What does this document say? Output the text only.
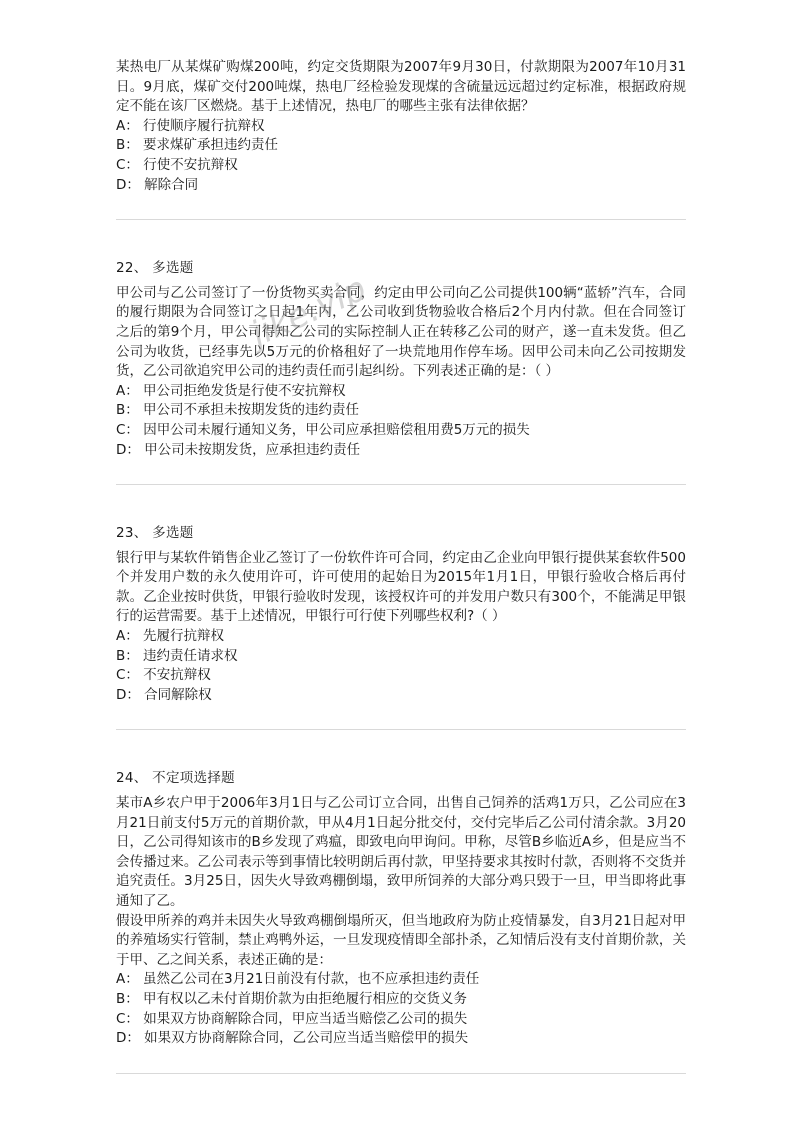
某热电厂从某煤矿购煤200吨，约定交货期限为2007年9月30日，付款期限为2007年10月31日。9月底，煤矿交付200吨煤，热电厂经检验发现煤的含硫量远远超过约定标准，根据政府规定不能在该厂区燃烧。基于上述情况，热电厂的哪些主张有法律依据？

A： 行使顺序履行抗辩权
B： 要求煤矿承担违约责任
C： 行使不安抗辩权
D： 解除合同

22、 多选题

甲公司与乙公司签订了一份货物买卖合同，约定由甲公司向乙公司提供100辆“蓝轿”汽车，合同的履行期限为合同签订之日起1年内，乙公司收到货物验收合格后2个月内付款。但在合同签订之后的第9个月，甲公司得知乙公司的实际控制人正在转移乙公司的财产，遂一直未发货。但乙公司为收货，已经事先以5万元的价格租好了一块荒地用作停车场。因甲公司未向乙公司按期发货，乙公司欲追究甲公司的违约责任而引起纠纷。下列表述正确的是：（ ）

A： 甲公司拒绝发货是行使不安抗辩权
B： 甲公司不承担未按期发货的违约责任
C： 因甲公司未履行通知义务，甲公司应承担赔偿租用费5万元的损失
D： 甲公司未按期发货，应承担违约责任

23、 多选题

银行甲与某软件销售企业乙签订了一份软件许可合同，约定由乙企业向甲银行提供某套软件500个并发用户数的永久使用许可，许可使用的起始日为2015年1月1日，甲银行验收合格后再付款。乙企业按时供货，甲银行验收时发现，该授权许可的并发用户数只有300个，不能满足甲银行的运营需要。基于上述情况，甲银行可行使下列哪些权利?（ ）

A： 先履行抗辩权
B： 违约责任请求权
C： 不安抗辩权
D： 合同解除权

24、 不定项选择题

某市A乡农户甲于2006年3月1日与乙公司订立合同，出售自己饲养的活鸡1万只，乙公司应在3月21日前支付5万元的首期价款，甲从4月1日起分批交付，交付完毕后乙公司付清余款。3月20日，乙公司得知该市的B乡发现了鸡瘟，即致电向甲询问。甲称，尽管B乡临近A乡，但是应当不会传播过来。乙公司表示等到事情比较明朗后再付款，甲坚持要求其按时付款，否则将不交货并追究责任。3月25日，因失火导致鸡棚倒塌，致甲所饲养的大部分鸡只毁于一旦，甲当即将此事通知了乙。

假设甲所养的鸡并未因失火导致鸡棚倒塌所灭，但当地政府为防止疫情暴发，自3月21日起对甲的养殖场实行管制，禁止鸡鸭外运，一旦发现疫情即全部扑杀，乙知情后没有支付首期价款，关于甲、乙之间关系，表述正确的是：

A： 虽然乙公司在3月21日前没有付款，也不应承担违约责任
B： 甲有权以乙未付首期价款为由拒绝履行相应的交货义务
C： 如果双方协商解除合同，甲应当适当赔偿乙公司的损失
D： 如果双方协商解除合同，乙公司应当适当赔偿甲的损失
jike.vip
